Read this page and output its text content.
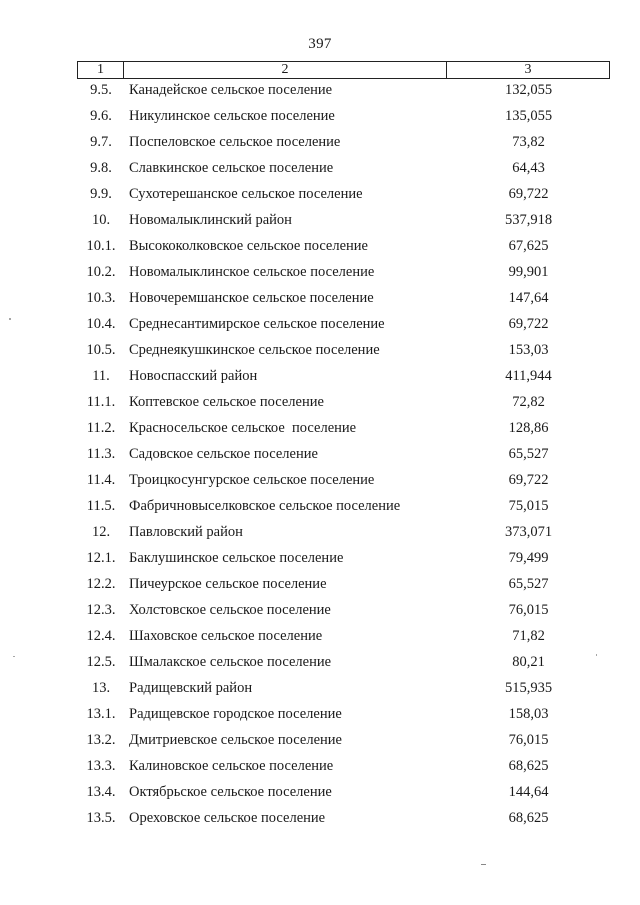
397
1	2	3
9.5.	Канадейское сельское поселение	132,055
9.6.	Никулинское сельское поселение	135,055
9.7.	Поспеловское сельское поселение	73,82
9.8.	Славкинское сельское поселение	64,43
9.9.	Сухотерешанское сельское поселение	69,722
10.	Новомалыклинский район	537,918
10.1. Высококолковское сельское поселение	67,625
10.2. Новомалыклинское сельское поселение	99,901
10.3. Новочеремшанское сельское поселение	147,64
10.4. Среднесантимирское сельское поселение	69,722
10.5. Среднеякушкинское сельское поселение	153,03
11.	Новоспасский район	411,944
11.1. Коптевское сельское поселение	72,82
11.2. Красносельское сельское  поселение	128,86
11.3. Садовское сельское поселение	65,527
11.4. Троицкосунгурское сельское поселение	69,722
11.5. Фабричновыселковское сельское поселение	75,015
12.	Павловский район	373,071
12.1. Баклушинское сельское поселение	79,499
12.2. Пичеурское сельское поселение	65,527
12.3. Холстовское сельское поселение	76,015
12.4. Шаховское сельское поселение	71,82
12.5. Шмалакское сельское поселение	80,21
13.	Радищевский район	515,935
13.1. Радищевское городское поселение	158,03
13.2. Дмитриевское сельское поселение	76,015
13.3. Калиновское сельское поселение	68,625
13.4. Октябрьское сельское поселение	144,64
13.5. Ореховское сельское поселение	68,625
